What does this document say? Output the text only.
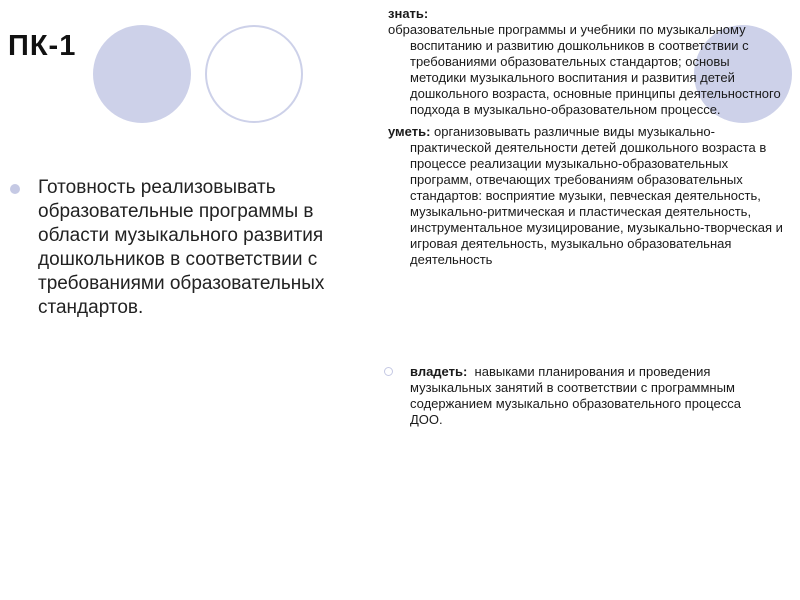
ПК-1
Готовность реализовывать образовательные программы в области музыкального развития дошкольников в соответствии с требованиями образовательных стандартов.

знать:

образовательные программы и учебники по музыкальному воспитанию и развитию дошкольников в соответствии с требованиями образовательных стандартов; основы методики музыкального воспитания и развития детей дошкольного возраста, основные принципы деятельностного подхода в музыкально-образовательном процессе.

уметь: организовывать различные виды музыкально-практической деятельности детей дошкольного возраста в процессе реализации музыкально-образовательных программ, отвечающих требованиям образовательных стандартов: восприятие музыки, певческая деятельность, музыкально-ритмическая и пластическая деятельность, инструментальное музицирование, музыкально-творческая и игровая деятельность, музыкально образовательная деятельность

владеть:  навыками планирования и проведения музыкальных занятий в соответствии с программным  содержанием музыкально образовательного процесса ДОО.
